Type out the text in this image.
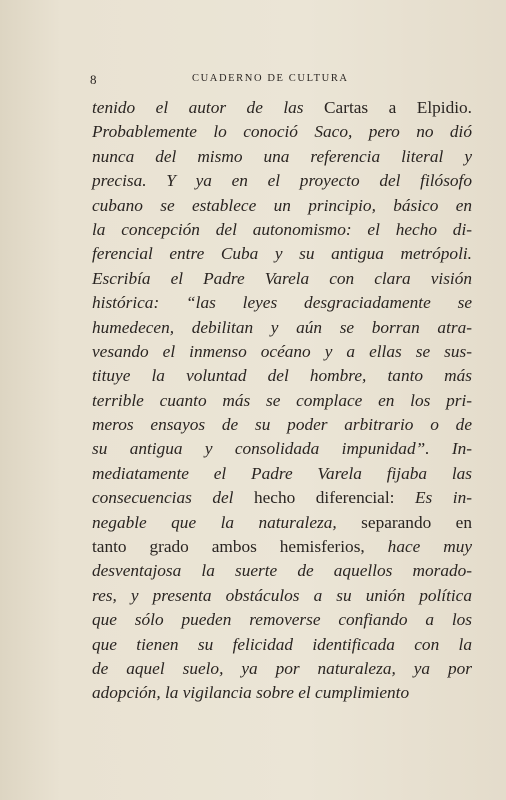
8	CUADERNO DE CULTURA
tenido el autor de las Cartas a Elpidio.
Probablemente lo conoció Saco, pero no dió
nunca del mismo una referencia literal y
precisa. Y ya en el proyecto del filósofo
cubano se establece un principio, básico en
la concepción del autonomismo: el hecho di-
ferencial entre Cuba y su antigua metrópoli.
Escribía el Padre Varela con clara visión
histórica: “las leyes desgraciadamente se
humedecen, debilitan y aún se borran atra-
vesando el inmenso océano y a ellas se sus-
tituye la voluntad del hombre, tanto más
terrible cuanto más se complace en los pri-
meros ensayos de su poder arbitrario o de
su antigua y consolidada impunidad”. In-
mediatamente el Padre Varela fijaba las
consecuencias del hecho diferencial: Es in-
negable que la naturaleza, separando en
tanto grado ambos hemisferios, hace muy
desventajosa la suerte de aquellos morado-
res, y presenta obstáculos a su unión política
que sólo pueden removerse confiando a los
que tienen su felicidad identificada con la
de aquel suelo, ya por naturaleza, ya por
adopción, la vigilancia sobre el cumplimiento
